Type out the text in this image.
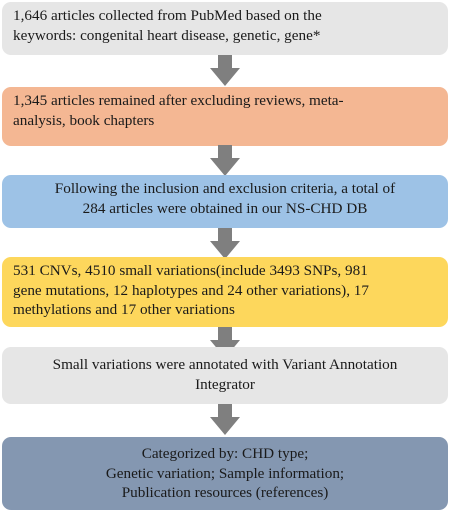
1,646 articles collected from PubMed based on the
keywords: congenital heart disease, genetic, gene*
1,345 articles remained after excluding reviews, meta-
analysis, book chapters
Following the inclusion and exclusion criteria, a total of
284 articles were obtained in our NS-CHD DB
531 CNVs, 4510 small variations(include 3493 SNPs, 981
gene mutations, 12 haplotypes and 24 other variations), 17
methylations and 17 other variations
Small variations were annotated with Variant Annotation
Integrator
Categorized by: CHD type;
Genetic variation; Sample information;
Publication resources (references)
